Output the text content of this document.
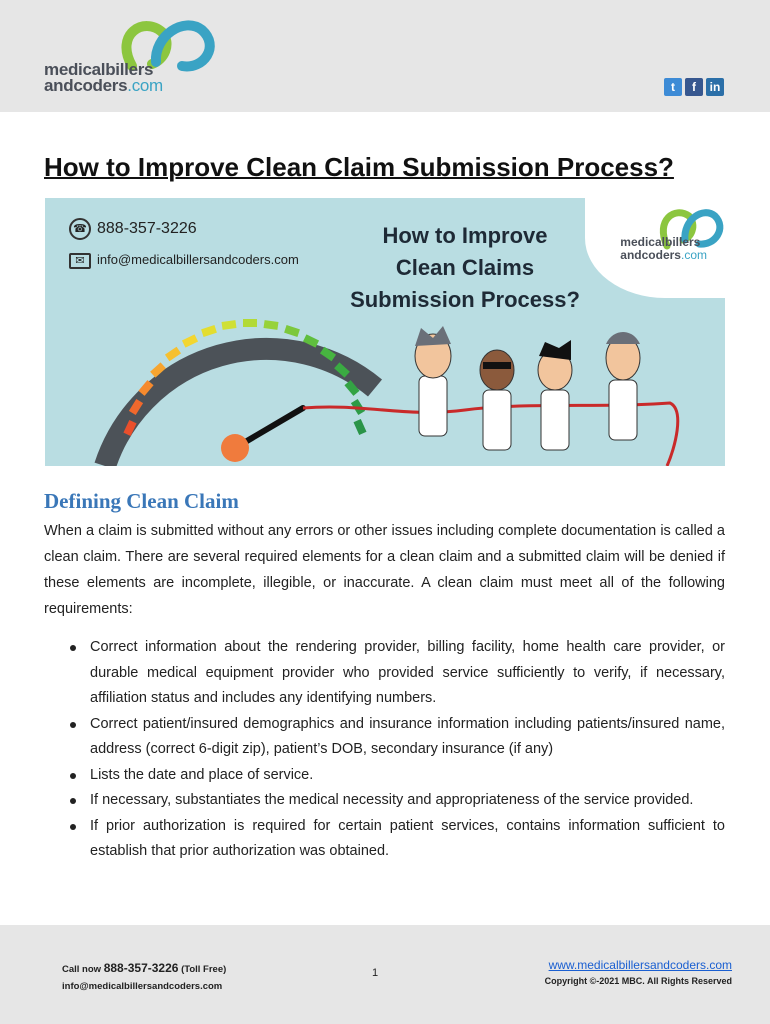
medicalbillers
andcoders.com	t	f	in
How to Improve Clean Claim Submission Process?
☎ 888-357-3226
✉ info@medicalbillersandcoders.com
How to Improve
Clean Claims
Submission Process?
medicalbillers
andcoders.com
Defining Clean Claim
When a claim is submitted without any errors or other issues including complete documentation is called a clean claim. There are several required elements for a clean claim and a submitted claim will be denied if these elements are incomplete, illegible, or inaccurate. A clean claim must meet all of the following requirements:
Correct information about the rendering provider, billing facility, home health care provider, or durable medical equipment provider who provided service sufficiently to verify, if necessary, affiliation status and includes any identifying numbers.
Correct patient/insured demographics and insurance information including patients/insured name, address (correct 6-digit zip), patient’s DOB, secondary insurance (if any)
Lists the date and place of service.
If necessary, substantiates the medical necessity and appropriateness of the service provided.
If prior authorization is required for certain patient services, contains information sufficient to establish that prior authorization was obtained.
Call now 888-357-3226 (Toll Free)
info@medicalbillersandcoders.com
1
www.medicalbillersandcoders.com
Copyright ©-2021 MBC. All Rights Reserved
